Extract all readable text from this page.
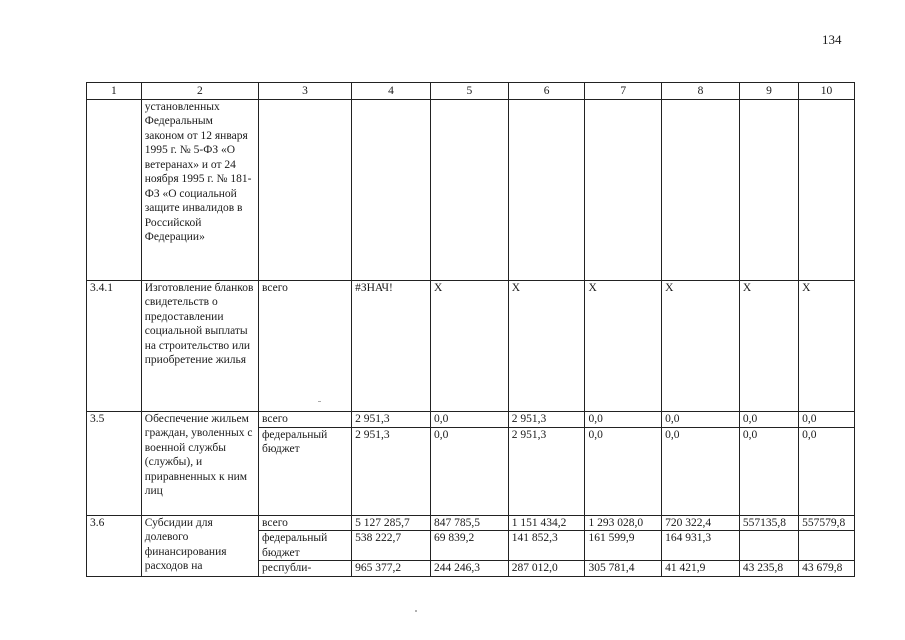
134
1	2	3	4	5	6	7	8	9	10
	установленных Федеральным законом от 12 января 1995 г. № 5-ФЗ «О ветеранах» и от 24 ноября 1995 г. № 181-ФЗ «О социальной защите инвалидов в Российской Федерации»								
3.4.1	Изготовление бланков свидетельств о предоставлении социальной выплаты на строительство или приобретение жилья	всего	#ЗНАЧ!	X	X	X	X	X	X
3.5	Обеспечение жильем граждан, уволенных с военной службы (службы), и приравненных к ним лиц	всего	2 951,3	0,0	2 951,3	0,0	0,0	0,0	0,0
		федеральный бюджет	2 951,3	0,0	2 951,3	0,0	0,0	0,0	0,0
3.6	Субсидии для долевого финансирования расходов на	всего	5 127 285,7	847 785,5	1 151 434,2	1 293 028,0	720 322,4	557135,8	557579,8
		федеральный бюджет	538 222,7	69 839,2	141 852,3	161 599,9	164 931,3		
		республи-	965 377,2	244 246,3	287 012,0	305 781,4	41 421,9	43 235,8	43 679,8
